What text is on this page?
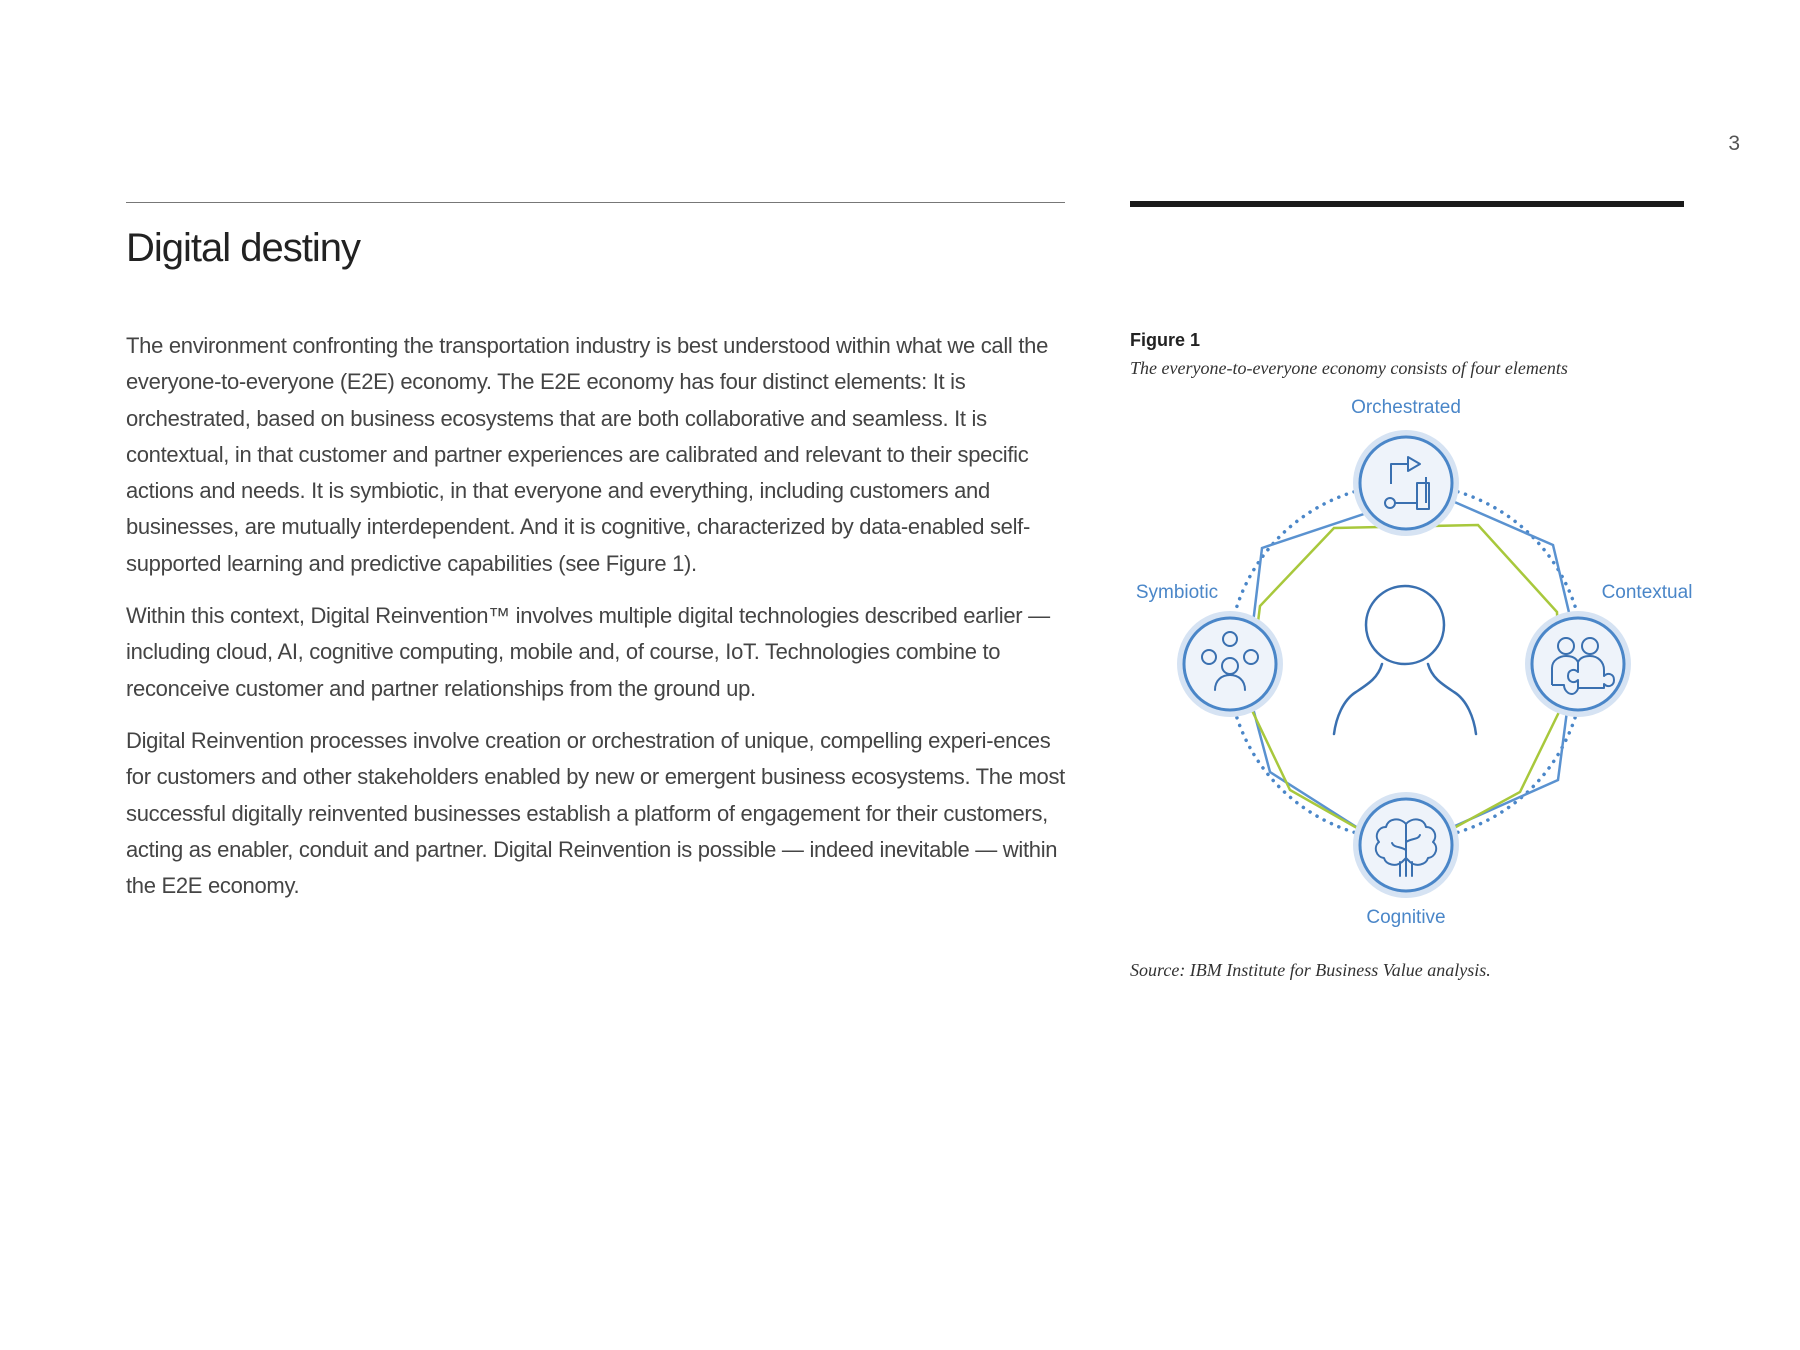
3
Digital destiny

The environment confronting the transportation industry is best understood within what we call the everyone-to-everyone (E2E) economy. The E2E economy has four distinct elements: It is orchestrated, based on business ecosystems that are both collaborative and seamless. It is contextual, in that customer and partner experiences are calibrated and relevant to their specific actions and needs. It is symbiotic, in that everyone and everything, including customers and businesses, are mutually interdependent. And it is cognitive, characterized by data-enabled self-supported learning and predictive capabilities (see Figure 1).

Within this context, Digital Reinvention™ involves multiple digital technologies described earlier — including cloud, AI, cognitive computing, mobile and, of course, IoT. Technologies combine to reconceive customer and partner relationships from the ground up.

Digital Reinvention processes involve creation or orchestration of unique, compelling experi-ences for customers and other stakeholders enabled by new or emergent business ecosystems. The most successful digitally reinvented businesses establish a platform of engagement for their customers, acting as enabler, conduit and partner. Digital Reinvention is possible — indeed inevitable — within the E2E economy.

Figure 1
The everyone-to-everyone economy consists of four elements
Orchestrated
Contextual
Cognitive
Symbiotic
Source: IBM Institute for Business Value analysis.
